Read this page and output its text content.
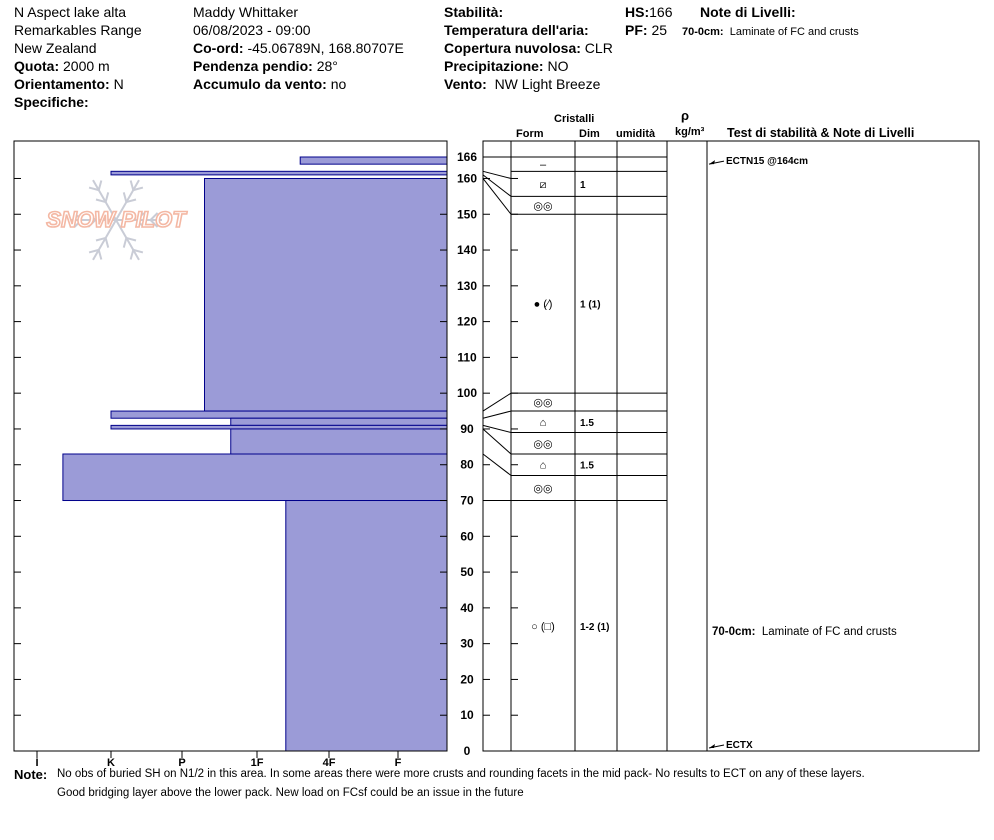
N Aspect lake alta
Remarkables Range
New Zealand
Quota: 2000 m
Orientamento: N
Specifiche:
Maddy Whittaker
06/08/2023 - 09:00
Co-ord: -45.06789N, 168.80707E
Pendenza pendio: 28°
Accumulo da vento: no
Stabilità:
Temperatura dell'aria:
Copertura nuvolosa: CLR
Precipitazione: NO
Vento: NW Light Breeze
HS:166
PF: 25
Note di Livelli:
70-0cm: Laminate of FC and crusts
Cristalli
Form	Dim umidità
ρ
kg/m³ Test di stabilità & Note di Livelli
SNOW PILOT
I	K	P	1F	4F	F
0
10
20
30
40
50
60
70
80
90
100
110
120
130
140
150
160
166
–
⧄	1
◎◎
● (⁄)	1 (1)
◎◎
⌂	1.5
◎◎
⌂	1.5
◎◎
○ (□)	1-2 (1)
ECTN15 @164cm
ECTX
70-0cm: Laminate of FC and crusts
Note: No obs of buried SH on N1/2 in this area. In some areas there were more crusts and rounding facets in the mid pack- No results to ECT on any of these layers.
Good bridging layer above the lower pack. New load on FCsf could be an issue in the future
